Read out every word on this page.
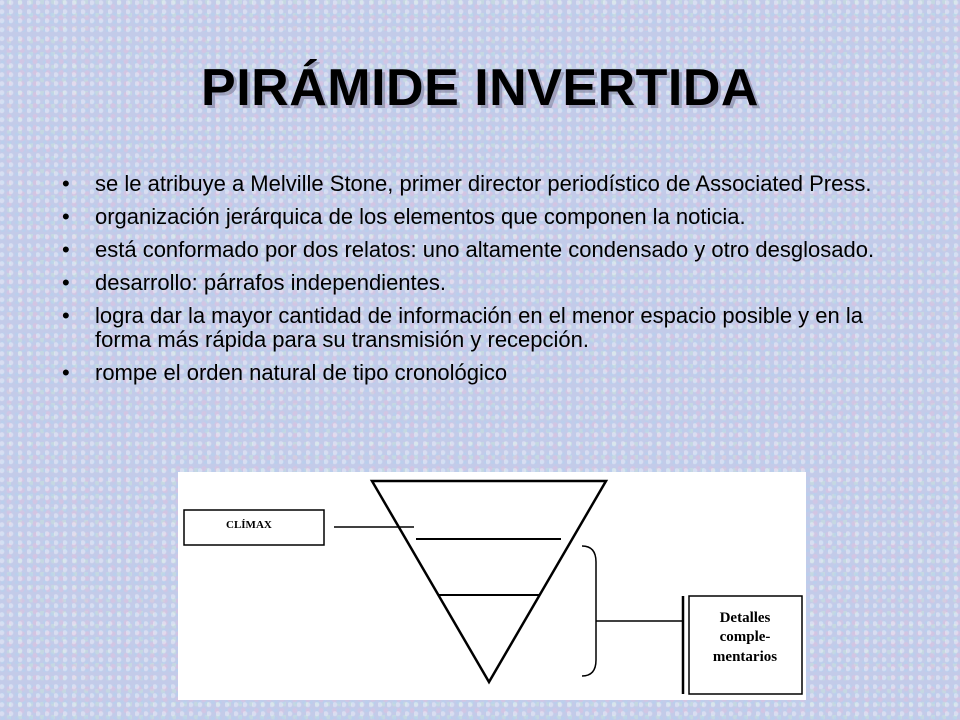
PIRÁMIDE INVERTIDA
• se le atribuye a Melville Stone, primer director periodístico de Associated Press.
• organización jerárquica de los elementos que componen la noticia.
• está conformado por dos relatos: uno altamente condensado y otro desglosado.
• desarrollo: párrafos independientes.
• logra dar la mayor cantidad de información en el menor espacio posible y en la forma más rápida para su transmisión y recepción.
• rompe el orden natural de tipo cronológico
CLÍMAX
Detalles
comple-
mentarios
